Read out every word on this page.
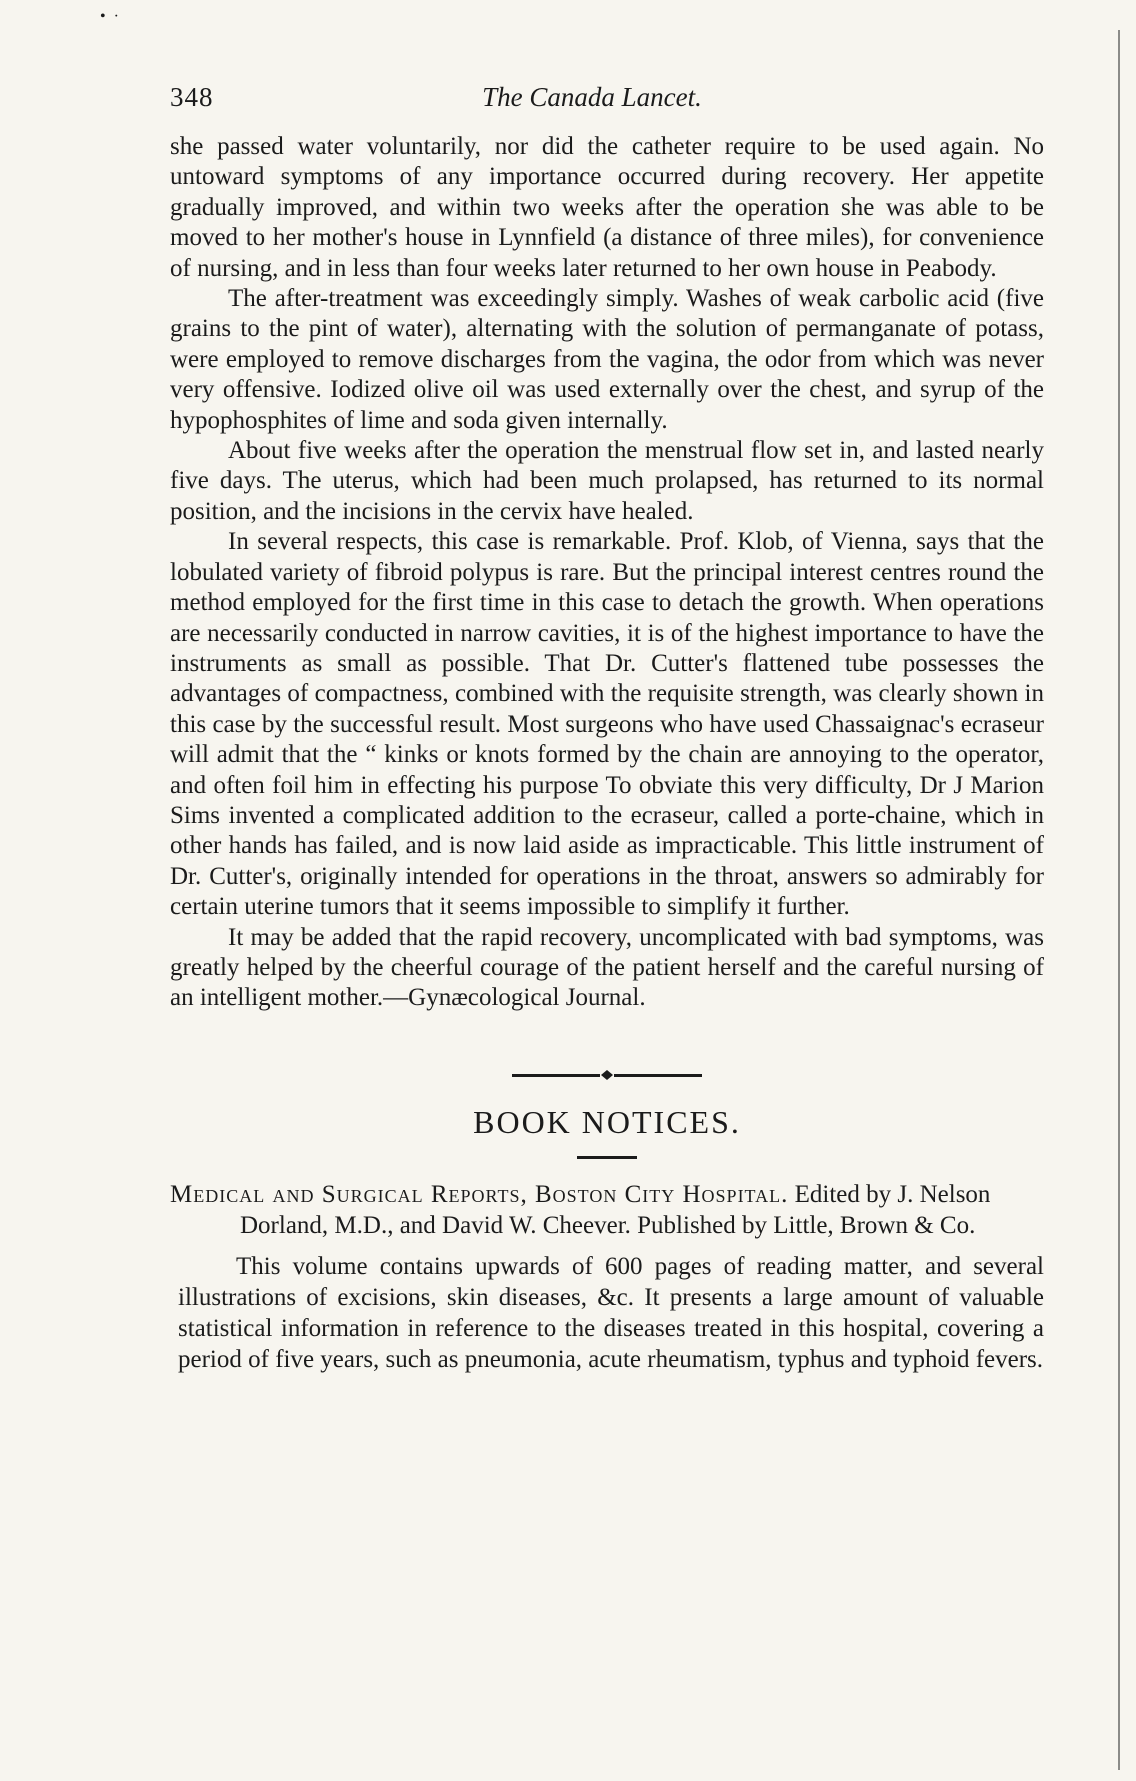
•  ·
348	The Canada Lancet.

she passed water voluntarily, nor did the catheter require to be used again. No untoward symptoms of any importance occurred during recovery. Her appetite gradually improved, and within two weeks after the operation she was able to be moved to her mother's house in Lynnfield (a distance of three miles), for convenience of nursing, and in less than four weeks later returned to her own house in Peabody.

The after-treatment was exceedingly simply. Washes of weak carbolic acid (five grains to the pint of water), alternating with the solution of permanganate of potass, were employed to remove discharges from the vagina, the odor from which was never very offensive. Iodized olive oil was used externally over the chest, and syrup of the hypophosphites of lime and soda given internally.

About five weeks after the operation the menstrual flow set in, and lasted nearly five days. The uterus, which had been much prolapsed, has returned to its normal position, and the incisions in the cervix have healed.

In several respects, this case is remarkable. Prof. Klob, of Vienna, says that the lobulated variety of fibroid polypus is rare. But the principal interest centres round the method employed for the first time in this case to detach the growth. When operations are necessarily conducted in narrow cavities, it is of the highest importance to have the instruments as small as possible. That Dr. Cutter's flattened tube possesses the advantages of compactness, combined with the requisite strength, was clearly shown in this case by the successful result. Most surgeons who have used Chassaignac's ecraseur will admit that the “ kinks or knots formed by the chain are annoying to the operator, and often foil him in effecting his purpose To obviate this very difficulty, Dr J Marion Sims invented a complicated addition to the ecraseur, called a porte-chaine, which in other hands has failed, and is now laid aside as impracticable. This little instrument of Dr. Cutter's, originally intended for operations in the throat, answers so admirably for certain uterine tumors that it seems impossible to simplify it further.

It may be added that the rapid recovery, uncomplicated with bad symptoms, was greatly helped by the cheerful courage of the patient herself and the careful nursing of an intelligent mother.—Gynæcological Journal.

BOOK NOTICES.
Medical and Surgical Reports, Boston City Hospital. Edited by J. Nelson Dorland, M.D., and David W. Cheever. Published by Little, Brown & Co.

This volume contains upwards of 600 pages of reading matter, and several illustrations of excisions, skin diseases, &c. It presents a large amount of valuable statistical information in reference to the diseases treated in this hospital, covering a period of five years, such as pneumonia, acute rheumatism, typhus and typhoid fevers.
